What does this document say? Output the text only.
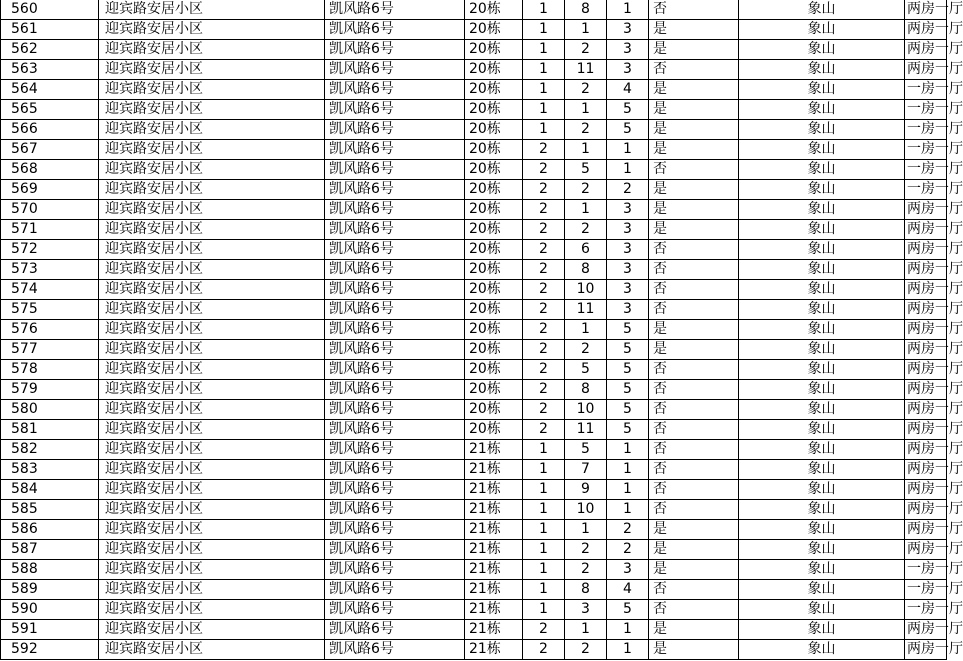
560	迎宾路安居小区	凯风路6号	20栋	1	8	1	否	象山	两房一厅
561	迎宾路安居小区	凯风路6号	20栋	1	1	3	是	象山	两房一厅
562	迎宾路安居小区	凯风路6号	20栋	1	2	3	是	象山	两房一厅
563	迎宾路安居小区	凯风路6号	20栋	1	11	3	否	象山	两房一厅
564	迎宾路安居小区	凯风路6号	20栋	1	2	4	是	象山	一房一厅
565	迎宾路安居小区	凯风路6号	20栋	1	1	5	是	象山	一房一厅
566	迎宾路安居小区	凯风路6号	20栋	1	2	5	是	象山	一房一厅
567	迎宾路安居小区	凯风路6号	20栋	2	1	1	是	象山	一房一厅
568	迎宾路安居小区	凯风路6号	20栋	2	5	1	否	象山	一房一厅
569	迎宾路安居小区	凯风路6号	20栋	2	2	2	是	象山	一房一厅
570	迎宾路安居小区	凯风路6号	20栋	2	1	3	是	象山	两房一厅
571	迎宾路安居小区	凯风路6号	20栋	2	2	3	是	象山	两房一厅
572	迎宾路安居小区	凯风路6号	20栋	2	6	3	否	象山	两房一厅
573	迎宾路安居小区	凯风路6号	20栋	2	8	3	否	象山	两房一厅
574	迎宾路安居小区	凯风路6号	20栋	2	10	3	否	象山	两房一厅
575	迎宾路安居小区	凯风路6号	20栋	2	11	3	否	象山	两房一厅
576	迎宾路安居小区	凯风路6号	20栋	2	1	5	是	象山	两房一厅
577	迎宾路安居小区	凯风路6号	20栋	2	2	5	是	象山	两房一厅
578	迎宾路安居小区	凯风路6号	20栋	2	5	5	否	象山	两房一厅
579	迎宾路安居小区	凯风路6号	20栋	2	8	5	否	象山	两房一厅
580	迎宾路安居小区	凯风路6号	20栋	2	10	5	否	象山	两房一厅
581	迎宾路安居小区	凯风路6号	20栋	2	11	5	否	象山	两房一厅
582	迎宾路安居小区	凯风路6号	21栋	1	5	1	否	象山	两房一厅
583	迎宾路安居小区	凯风路6号	21栋	1	7	1	否	象山	两房一厅
584	迎宾路安居小区	凯风路6号	21栋	1	9	1	否	象山	两房一厅
585	迎宾路安居小区	凯风路6号	21栋	1	10	1	否	象山	两房一厅
586	迎宾路安居小区	凯风路6号	21栋	1	1	2	是	象山	两房一厅
587	迎宾路安居小区	凯风路6号	21栋	1	2	2	是	象山	两房一厅
588	迎宾路安居小区	凯风路6号	21栋	1	2	3	是	象山	一房一厅
589	迎宾路安居小区	凯风路6号	21栋	1	8	4	否	象山	一房一厅
590	迎宾路安居小区	凯风路6号	21栋	1	3	5	否	象山	一房一厅
591	迎宾路安居小区	凯风路6号	21栋	2	1	1	是	象山	两房一厅
592	迎宾路安居小区	凯风路6号	21栋	2	2	1	是	象山	两房一厅
